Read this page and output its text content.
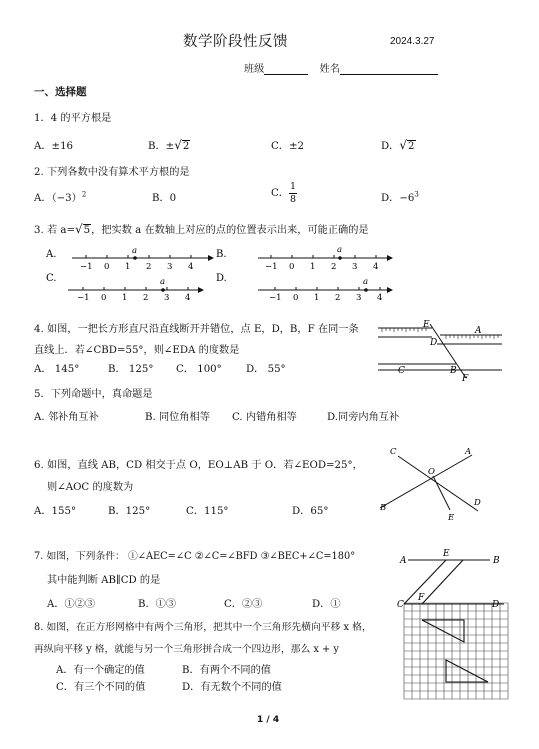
数学阶段性反馈	2024.3.27
班级	姓名
一、选择题
1．4 的平方根是
A．±16	B．±√2	C．±2	D．√2
2. 下列各数中没有算术平方根的是
A．$(-3)^2$	B．0	C． $\frac{1}{8}$	D．$-6^3$
3. 若 a=√5，把实数 a 在数轴上对应的点的位置表示出来，可能正确的是
A.
−1 0 1 2 3 4
a	B.
−1 0 1 2 3 4
a
C.
−1 0 1 2 3 4
a	D.
−1 0 1 2 3 4
a
E
A
D
C	B
F
C	A
O
B	D
E
A
E
B
C
F
D
4. 如图，一把长方形直尺沿直线断开并错位，点 E，D，B，F 在同一条
直线上．若∠CBD=55°，则∠EDA 的度数是
A． 145°	B． 125° C． 100° D． 55°
5．下列命题中，真命题是
A. 邻补角互补	B. 同位角相等 C. 内错角相等	D.同旁内角互补
6. 如图，直线 AB，CD 相交于点 O，EO⊥AB 于 O．若∠EOD=25°，
则∠AOC 的度数为
A．155°	B．125°	C．115°	D．65°
7. 如图，下列条件： ①∠AEC=∠C ②∠C=∠BFD ③∠BEC+∠C=180°
其中能判断 AB∥CD 的是
A．①②③	B．①③	C．②③	D．①
8. 如图，在正方形网格中有两个三角形，把其中一个三角形先横向平移 x 格，
再纵向平移 y 格，就能与另一个三角形拼合成一个四边形，那么 x + y
A．有一个确定的值	B．有两个不同的值
C．有三个不同的值	D．有无数个不同的值
1 / 4
